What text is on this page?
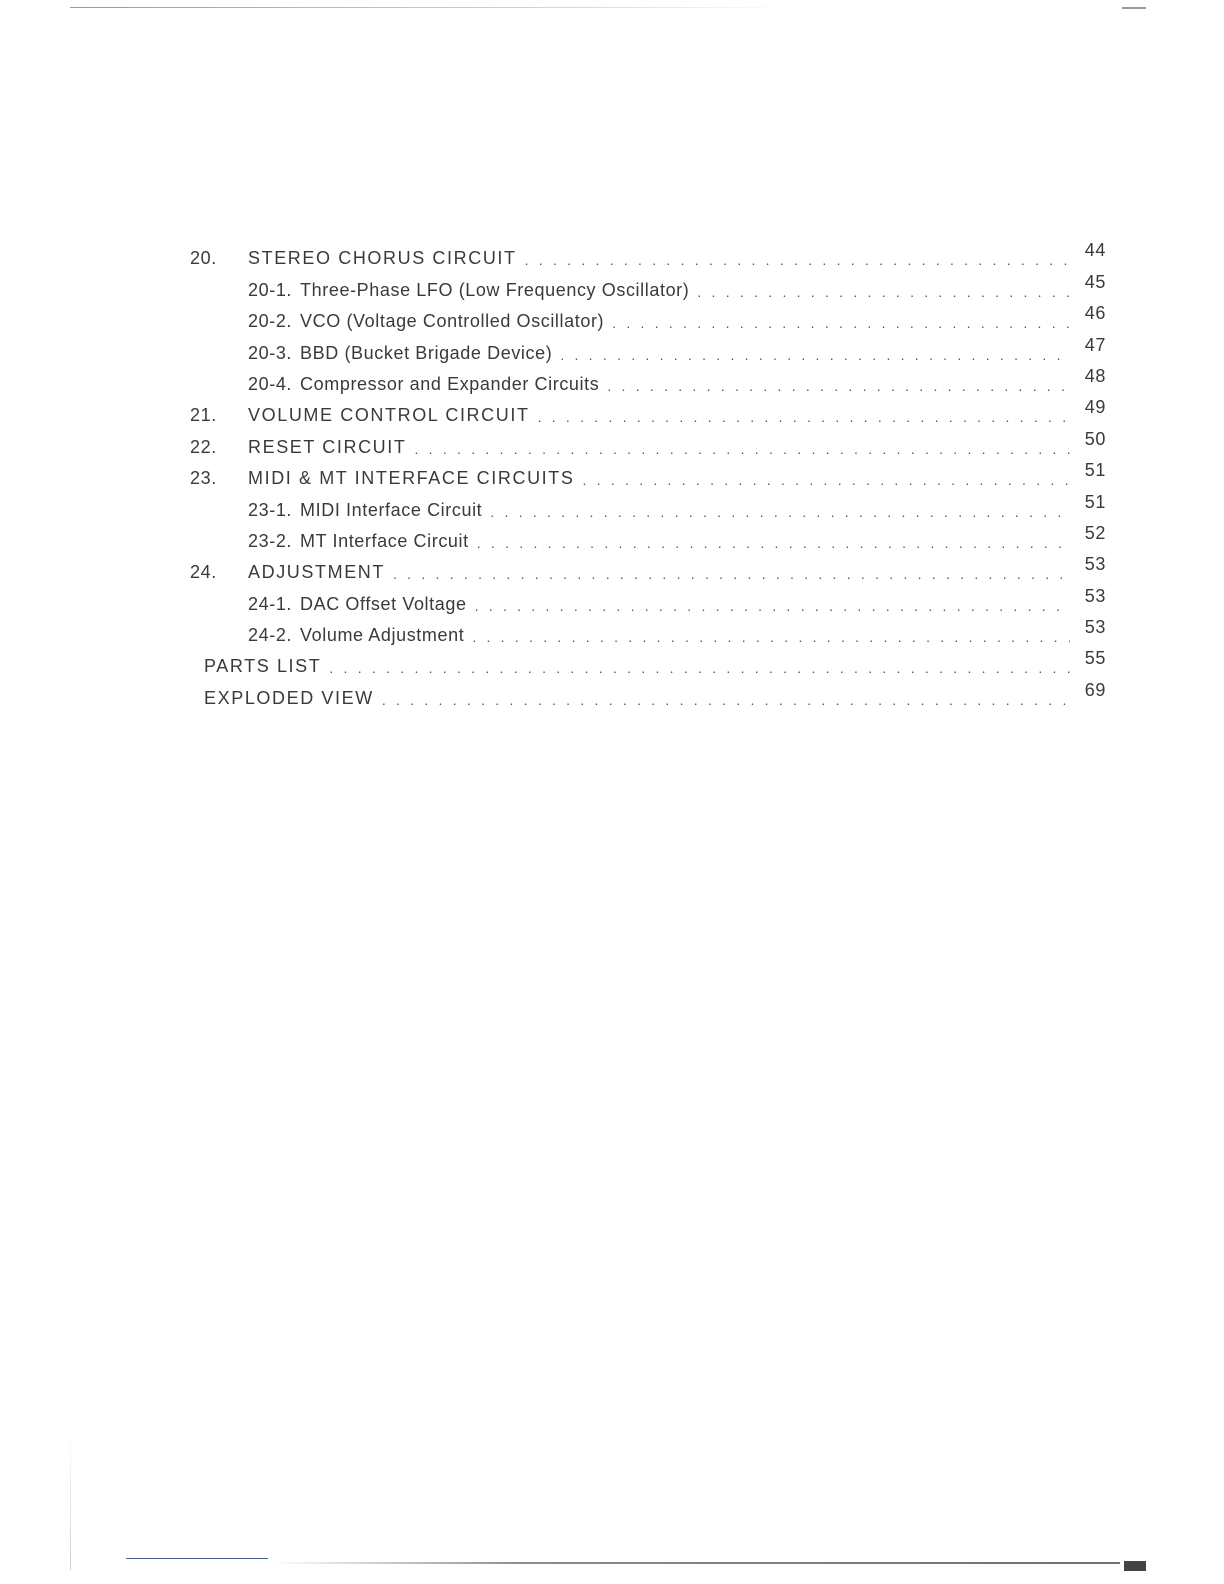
20.	STEREO CHORUS CIRCUIT . . .	44
20-1. Three-Phase LFO (Low Frequency Oscillator) . . .	45
20-2. VCO (Voltage Controlled Oscillator) . . .	46
20-3. BBD (Bucket Brigade Device) . . .	47
20-4. Compressor and Expander Circuits . . .	48
21.	VOLUME CONTROL CIRCUIT . . .	49
22.	RESET CIRCUIT . . .	50
23.	MIDI & MT INTERFACE CIRCUITS . . .	51
23-1. MIDI Interface Circuit . . .	51
23-2. MT Interface Circuit . . .	52
24.	ADJUSTMENT . . .	53
24-1. DAC Offset Voltage . . .	53
24-2. Volume Adjustment . . .	53
PARTS LIST . . .	55
EXPLODED VIEW . . .	69
